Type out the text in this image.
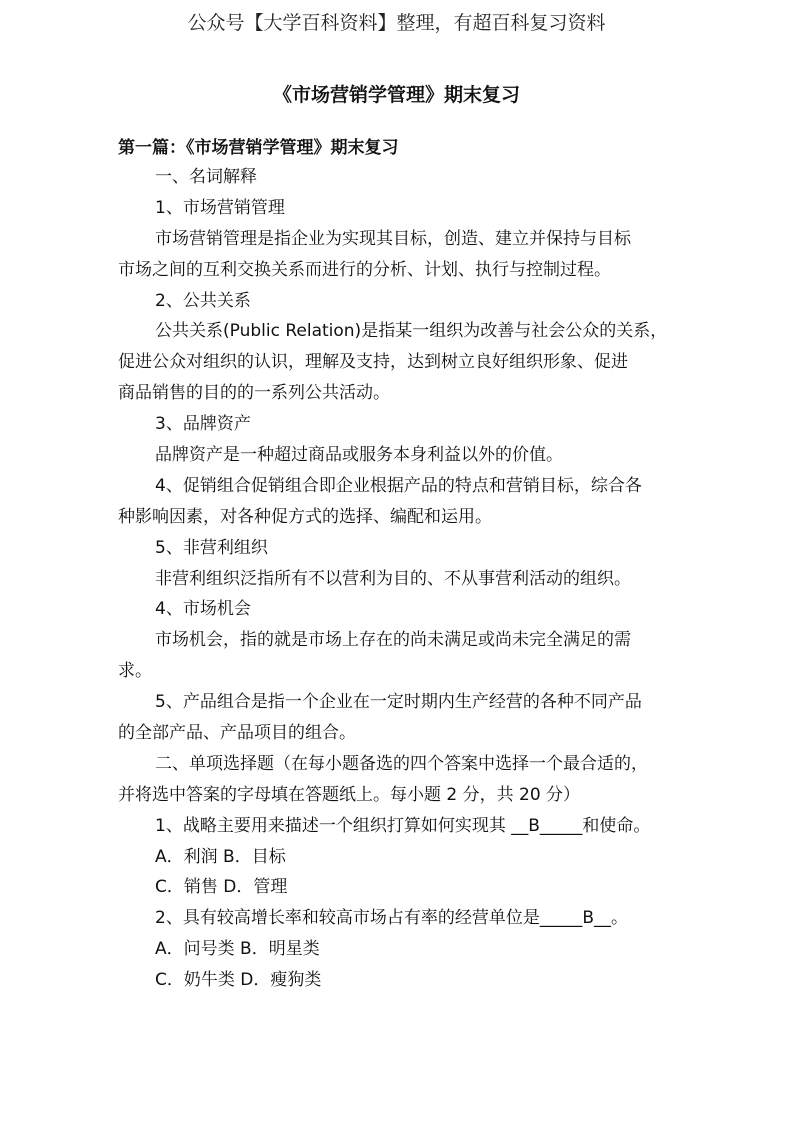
公众号【大学百科资料】整理，有超百科复习资料
《市场营销学管理》期末复习
第一篇：《市场营销学管理》期末复习
一、名词解释
1、市场营销管理
市场营销管理是指企业为实现其目标，创造、建立并保持与目标
市场之间的互利交换关系而进行的分析、计划、执行与控制过程。
2、公共关系
公共关系(Public Relation)是指某一组织为改善与社会公众的关系，
促进公众对组织的认识，理解及支持，达到树立良好组织形象、促进
商品销售的目的的一系列公共活动。
3、品牌资产
品牌资产是一种超过商品或服务本身利益以外的价值。
4、促销组合促销组合即企业根据产品的特点和营销目标，综合各
种影响因素，对各种促方式的选择、编配和运用。
5、非营利组织
非营利组织泛指所有不以营利为目的、不从事营利活动的组织。
4、市场机会
市场机会，指的就是市场上存在的尚未满足或尚未完全满足的需
求。
5、产品组合是指一个企业在一定时期内生产经营的各种不同产品
的全部产品、产品项目的组合。
二、单项选择题（在每小题备选的四个答案中选择一个最合适的，
并将选中答案的字母填在答题纸上。每小题 2 分，共 20 分）
1、战略主要用来描述一个组织打算如何实现其 __B_____和使命。
A．利润 B．目标
C．销售 D．管理
2、具有较高增长率和较高市场占有率的经营单位是_____B__。
A．问号类 B．明星类
C．奶牛类 D．瘦狗类
